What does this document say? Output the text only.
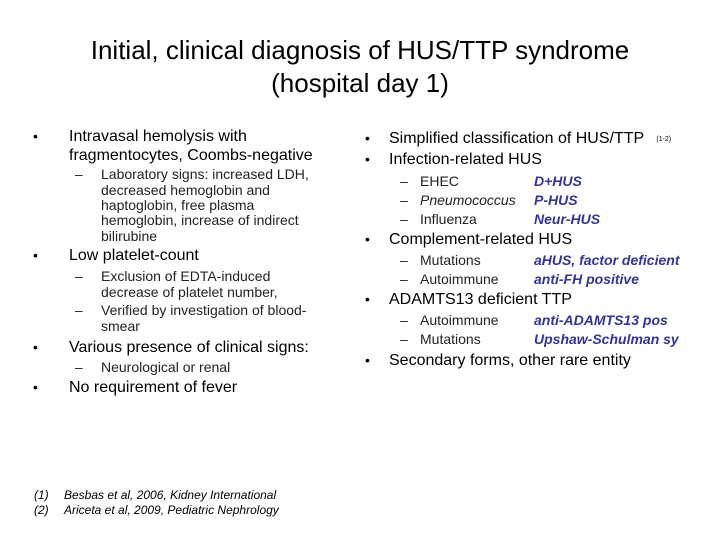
Initial, clinical diagnosis of HUS/TTP syndrome
(hospital day 1)
• Intravasal hemolysis with
fragmentocytes, Coombs-negative
– Laboratory signs: increased LDH,
decreased hemoglobin and
haptoglobin, free plasma
hemoglobin, increase of indirect
bilirubine
• Low platelet-count
– Exclusion of EDTA-induced
decrease of platelet number,
– Verified by investigation of blood-
smear
• Various presence of clinical signs:
– Neurological or renal
• No requirement of fever
• Simplified classification of HUS/TTP $^{(1-2)}$
• Infection-related HUS
– EHEC	D+HUS
– Pneumococcus P-HUS
– Influenza	Neur-HUS
• Complement-related HUS
– Mutations	aHUS, factor deficient
– Autoimmune	anti-FH positive
• ADAMTS13 deficient TTP
– Autoimmune	anti-ADAMTS13 pos
– Mutations	Upshaw-Schulman sy
• Secondary forms, other rare entity
(1) Besbas et al, 2006, Kidney International
(2) Ariceta et al, 2009, Pediatric Nephrology
